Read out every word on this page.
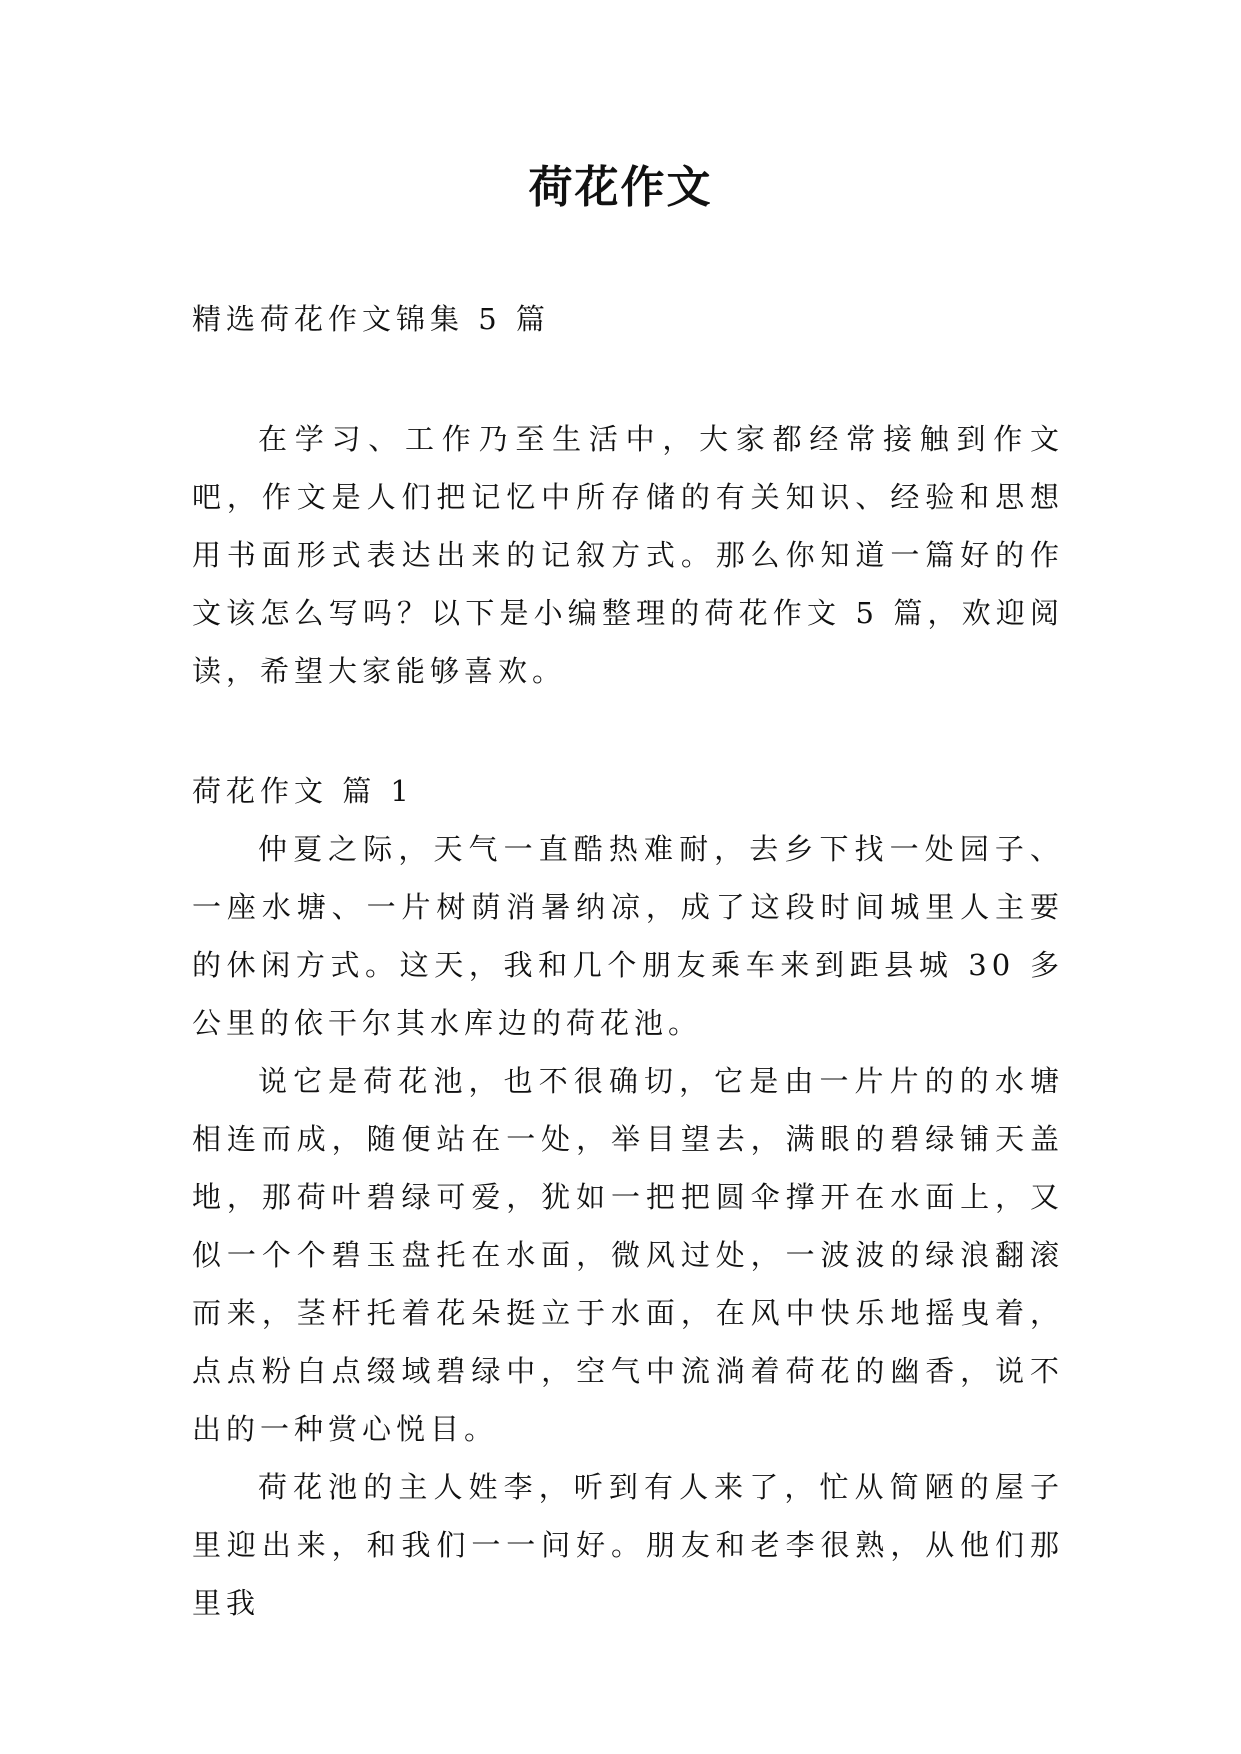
荷花作文

精选荷花作文锦集 5 篇

在学习、工作乃至生活中，大家都经常接触到作文吧，作文是人们把记忆中所存储的有关知识、经验和思想用书面形式表达出来的记叙方式。那么你知道一篇好的作文该怎么写吗？以下是小编整理的荷花作文 5 篇，欢迎阅读，希望大家能够喜欢。

荷花作文 篇 1

仲夏之际，天气一直酷热难耐，去乡下找一处园子、一座水塘、一片树荫消暑纳凉，成了这段时间城里人主要的休闲方式。这天，我和几个朋友乘车来到距县城 30 多公里的依干尔其水库边的荷花池。

说它是荷花池，也不很确切，它是由一片片的的水塘相连而成，随便站在一处，举目望去，满眼的碧绿铺天盖地，那荷叶碧绿可爱，犹如一把把圆伞撑开在水面上，又似一个个碧玉盘托在水面，微风过处，一波波的绿浪翻滚而来，茎杆托着花朵挺立于水面，在风中快乐地摇曳着，点点粉白点缀域碧绿中，空气中流淌着荷花的幽香，说不出的一种赏心悦目。

荷花池的主人姓李，听到有人来了，忙从简陋的屋子里迎出来，和我们一一问好。朋友和老李很熟，从他们那里我
